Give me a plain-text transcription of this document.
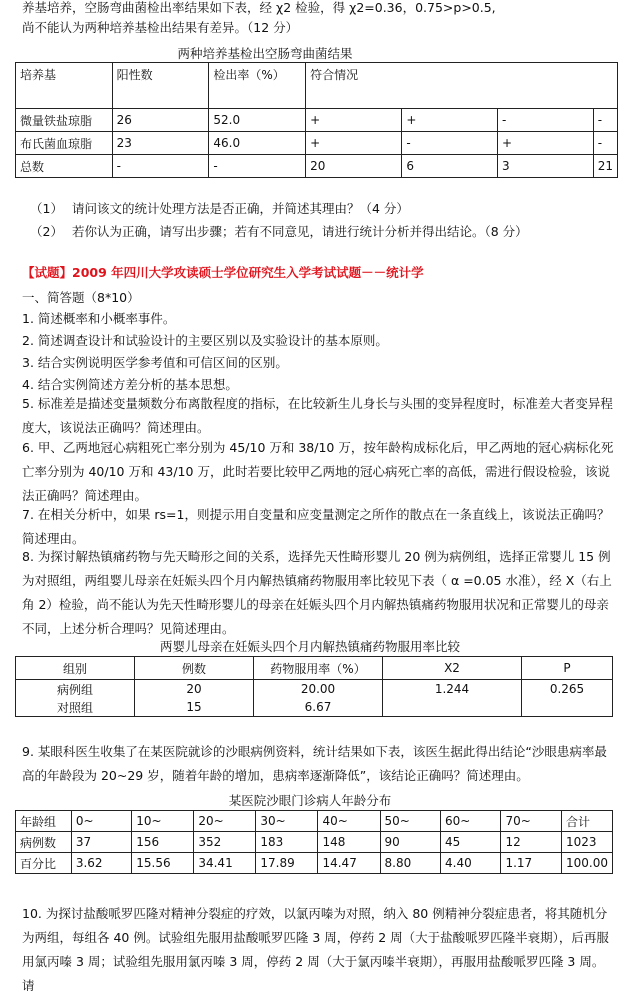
养基培养，空肠弯曲菌检出率结果如下表，经 χ2 检验，得 χ2=0.36，0.75>p>0.5,
尚不能认为两种培养基检出结果有差异。（12 分）
两种培养基检出空肠弯曲菌结果
培养基	阳性数	检出率（%）	符合情况			
微量铁盐琼脂	26	52.0	+	+	-	-
布氏菌血琼脂	23	46.0	+	-	+	-
总数	-	-	20	6	3	21
（1） 请问该文的统计处理方法是否正确，并简述其理由？（4 分）
（2） 若你认为正确，请写出步骤；若有不同意见，请进行统计分析并得出结论。（8 分）
【试题】2009 年四川大学攻读硕士学位研究生入学考试试题－－统计学
一、简答题（8*10）
1. 简述概率和小概率事件。
2. 简述调查设计和试验设计的主要区别以及实验设计的基本原则。
3. 结合实例说明医学参考值和可信区间的区别。
4. 结合实例简述方差分析的基本思想。
5. 标准差是描述变量频数分布离散程度的指标，在比较新生儿身长与头围的变异程度时，标准差大者变异程度大，该说法正确吗？简述理由。
6. 甲、乙两地冠心病粗死亡率分别为 45/10 万和 38/10 万，按年龄构成标化后，甲乙两地的冠心病标化死亡率分别为 40/10 万和 43/10 万，此时若要比较甲乙两地的冠心病死亡率的高低，需进行假设检验，该说法正确吗？简述理由。
7. 在相关分析中，如果 rs=1，则提示用自变量和应变量测定之所作的散点在一条直线上，该说法正确吗？简述理由。
8. 为探讨解热镇痛药物与先天畸形之间的关系，选择先天性畸形婴儿 20 例为病例组，选择正常婴儿 15 例为对照组，两组婴儿母亲在妊娠头四个月内解热镇痛药物服用率比较见下表（ α =0.05 水准），经 X（右上角 2）检验，尚不能认为先天性畸形婴儿的母亲在妊娠头四个月内解热镇痛药物服用状况和正常婴儿的母亲不同，上述分析合理吗？见简述理由。
两婴儿母亲在妊娠头四个月内解热镇痛药物服用率比较
组别	例数	药物服用率（%）	X2	P
病例组	20	20.00	1.244	0.265
对照组	15	6.67		
9. 某眼科医生收集了在某医院就诊的沙眼病例资料，统计结果如下表，该医生据此得出结论“沙眼患病率最高的年龄段为 20~29 岁，随着年龄的增加，患病率逐渐降低”，该结论正确吗？简述理由。
某医院沙眼门诊病人年龄分布
年龄组	0~	10~	20~	30~	40~	50~	60~	70~	合计
病例数	37	156	352	183	148	90	45	12	1023
百分比	3.62	15.56	34.41	17.89	14.47	8.80	4.40	1.17	100.00
10. 为探讨盐酸哌罗匹隆对精神分裂症的疗效，以氯丙嗪为对照，纳入 80 例精神分裂症患者，将其随机分为两组，每组各 40 例。试验组先服用盐酸哌罗匹隆 3 周，停药 2 周（大于盐酸哌罗匹隆半衰期），后再服用氯丙嗪 3 周；试验组先服用氯丙嗪 3 周，停药 2 周（大于氯丙嗪半衰期），再服用盐酸哌罗匹隆 3 周。请
